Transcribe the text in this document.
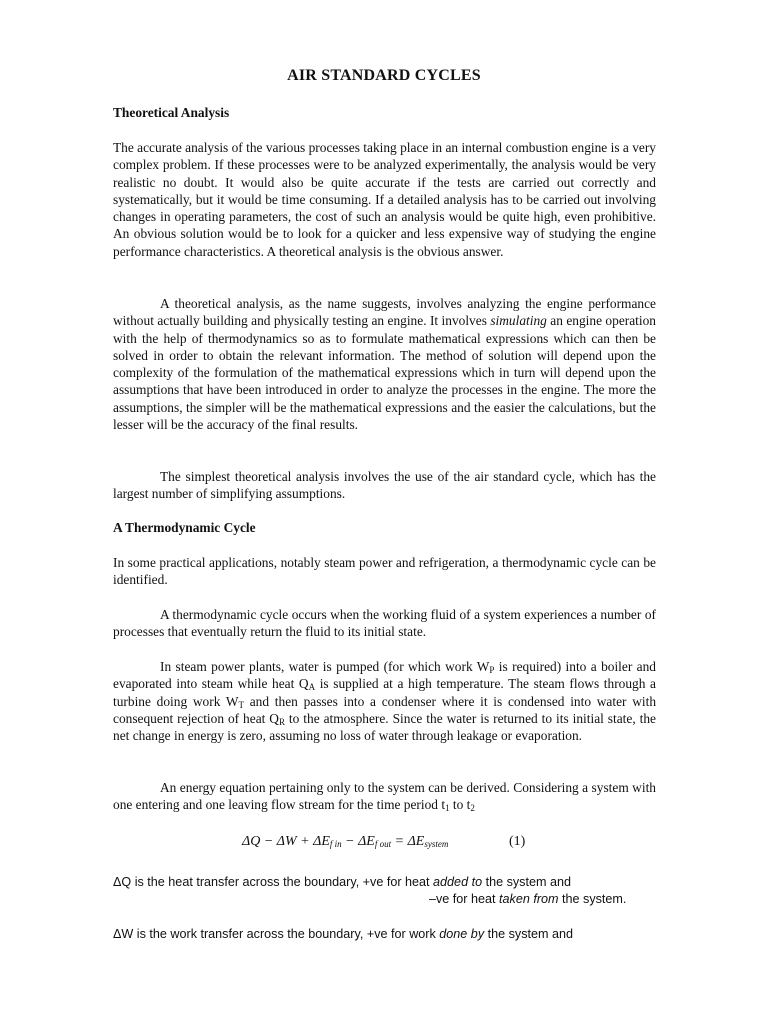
AIR STANDARD CYCLES
Theoretical Analysis
The accurate analysis of the various processes taking place in an internal combustion engine is a very complex problem. If these processes were to be analyzed experimentally, the analysis would be very realistic no doubt. It would also be quite accurate if the tests are carried out correctly and systematically, but it would be time consuming. If a detailed analysis has to be carried out involving changes in operating parameters, the cost of such an analysis would be quite high, even prohibitive. An obvious solution would be to look for a quicker and less expensive way of studying the engine performance characteristics. A theoretical analysis is the obvious answer.
A theoretical analysis, as the name suggests, involves analyzing the engine performance without actually building and physically testing an engine. It involves simulating an engine operation with the help of thermodynamics so as to formulate mathematical expressions which can then be solved in order to obtain the relevant information. The method of solution will depend upon the complexity of the formulation of the mathematical expressions which in turn will depend upon the assumptions that have been introduced in order to analyze the processes in the engine. The more the assumptions, the simpler will be the mathematical expressions and the easier the calculations, but the lesser will be the accuracy of the final results.
The simplest theoretical analysis involves the use of the air standard cycle, which has the largest number of simplifying assumptions.
A Thermodynamic Cycle
In some practical applications, notably steam power and refrigeration, a thermodynamic cycle can be identified.
A thermodynamic cycle occurs when the working fluid of a system experiences a number of processes that eventually return the fluid to its initial state.
In steam power plants, water is pumped (for which work $W_P$ is required) into a boiler and evaporated into steam while heat $Q_A$ is supplied at a high temperature. The steam flows through a turbine doing work $W_T$ and then passes into a condenser where it is condensed into water with consequent rejection of heat $Q_R$ to the atmosphere. Since the water is returned to its initial state, the net change in energy is zero, assuming no loss of water through leakage or evaporation.
An energy equation pertaining only to the system can be derived. Considering a system with one entering and one leaving flow stream for the time period $t_1$ to $t_2$
$\Delta Q - \Delta W + \Delta E_{f in} - \Delta E_{f out} = \Delta E_{system}$	(1)
ΔQ is the heat transfer across the boundary, +ve for heat added to the system and
–ve for heat taken from the system.
ΔW is the work transfer across the boundary, +ve for work done by the system and
